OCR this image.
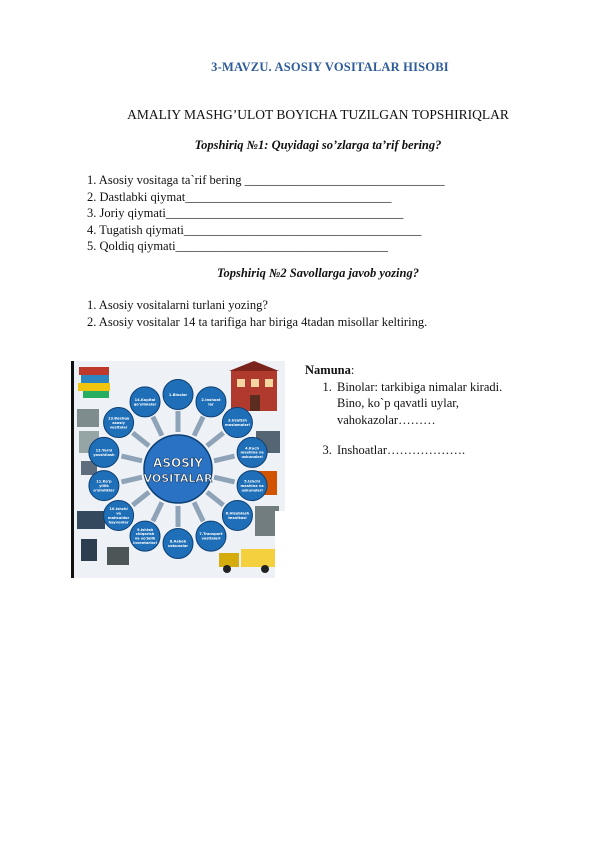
3-MAVZU. ASOSIY VOSITALAR HISOBI
AMALIY MASHG’ULOT BOYICHA TUZILGAN TOPSHIRIQLAR
Topshiriq №1: Quyidagi so’zlarga ta’rif bering?
1. Asosiy vositaga ta`rif bering ________________________________
2. Dastlabki qiymat_________________________________
3. Joriy qiymati______________________________________
4. Tugatish qiymati______________________________________
5. Qoldiq qiymati__________________________________
Topshiriq №2 Savollarga javob yozing?
1. Asosiy vositalarni turlani yozing?
2. Asosiy vositalar 14 ta tarifiga har biriga 4tadan misollar keltiring.
1.Binolar
2.Inshoat lar
3.Uzatish moslamalari
4.Kuch mashina va uskunalari
5.Ishchi mashina va uskunalari
6.Hisoblash texnikasi
7.Transport vositalari
8.Asbob uskunalar
9.Ishlab chiqarish va xo'jalik inventarlari
10.Ishchi va mahsuldor hayvonlar
11.Ko'p yillik o'simliklar
12.Yerni yaxshilash
13.Boshqa asosiy vositalar
14.Kapital qo'yilmalar
ASOSIY
VOSITALAR
Namuna:
1. Binolar: tarkibiga nimalar kiradi.
Bino, ko`p qavatli uylar,
vahokazolar………
3. Inshoatlar……………….
